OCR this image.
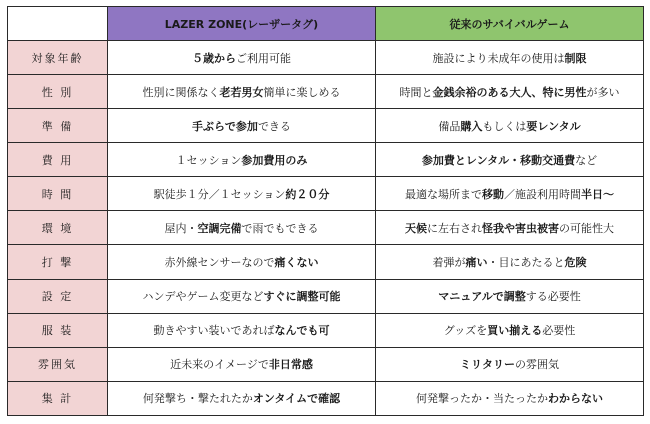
	LAZER ZONE(レーザータグ)	従来のサバイバルゲーム
対象年齢	５歳からご利用可能	施設により未成年の使用は制限
性 別	性別に関係なく老若男女簡単に楽しめる	時間と金銭余裕のある大人、特に男性が多い
準 備	手ぶらで参加できる	備品購入もしくは要レンタル
費 用	１セッション参加費用のみ	参加費とレンタル・移動交通費など
時 間	駅徒歩１分／１セッション約２０分	最適な場所まで移動／施設利用時間半日〜
環 境	屋内・空調完備で雨でもできる	天候に左右され怪我や害虫被害の可能性大
打 撃	赤外線センサーなので痛くない	着弾が痛い・目にあたると危険
設 定	ハンデやゲーム変更などすぐに調整可能	マニュアルで調整する必要性
服 装	動きやすい装いであればなんでも可	グッズを買い揃える必要性
雰囲気	近未来のイメージで非日常感	ミリタリーの雰囲気
集 計	何発撃ち・撃たれたかオンタイムで確認	何発撃ったか・当たったかわからない
